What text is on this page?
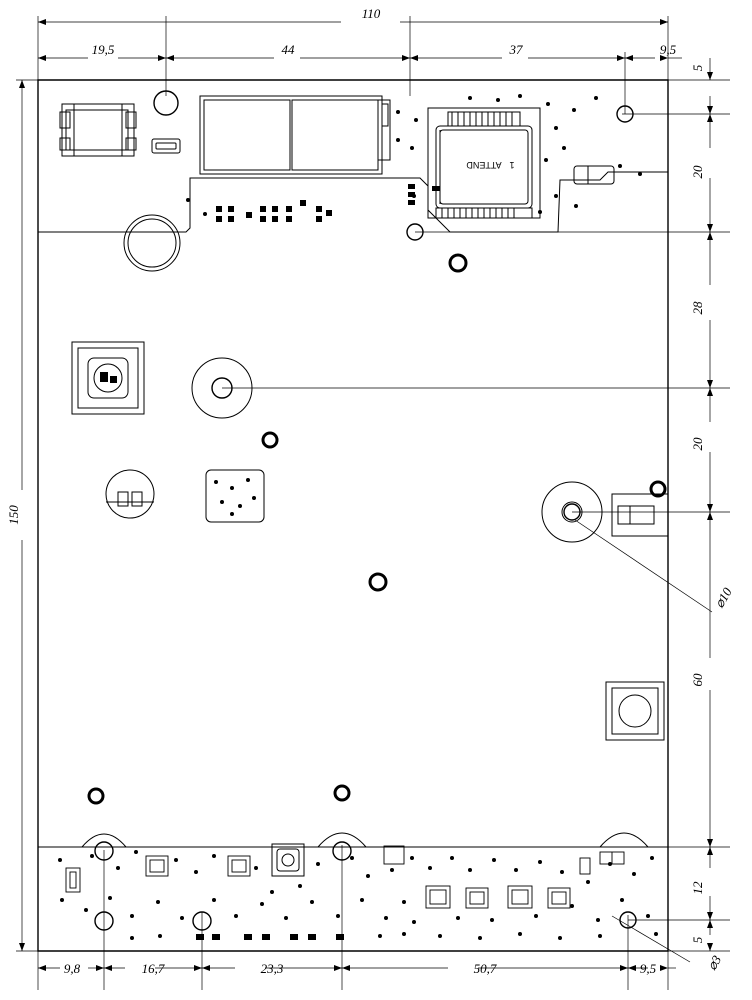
ATTEND 1
110
19,5	44	37	9,5
150
5
20
28
20
60
12
5
9,8	16,7	23,3	50,7	9,5
⌀10
⌀3
